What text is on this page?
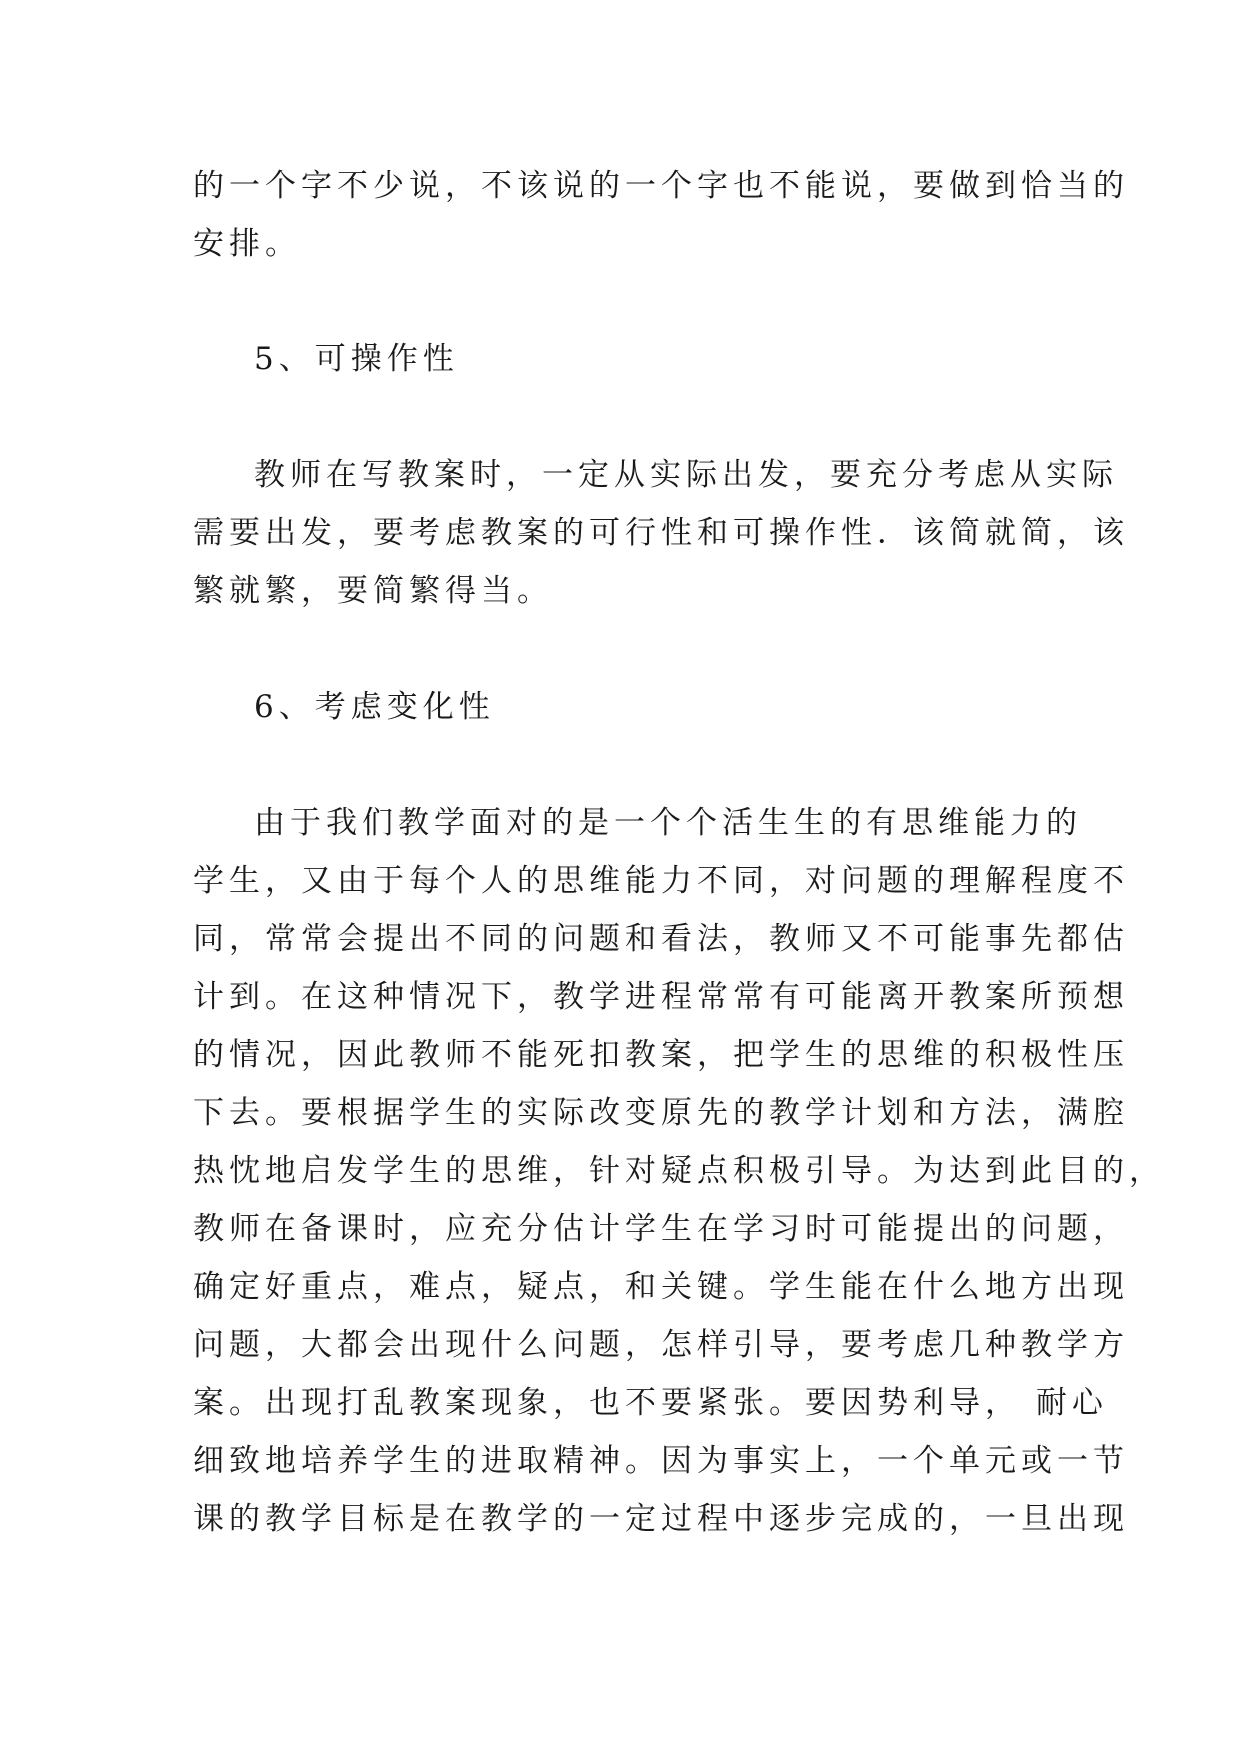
的一个字不少说，不该说的一个字也不能说，要做到恰当的
安排。
5、可操作性
教师在写教案时，一定从实际出发，要充分考虑从实际
需要出发，要考虑教案的可行性和可操作性．该简就简，该
繁就繁，要简繁得当。
6、考虑变化性
由于我们教学面对的是一个个活生生的有思维能力的
学生，又由于每个人的思维能力不同，对问题的理解程度不
同，常常会提出不同的问题和看法，教师又不可能事先都估
计到。在这种情况下，教学进程常常有可能离开教案所预想
的情况，因此教师不能死扣教案，把学生的思维的积极性压
下去。要根据学生的实际改变原先的教学计划和方法，满腔
热忱地启发学生的思维，针对疑点积极引导。为达到此目的，
教师在备课时，应充分估计学生在学习时可能提出的问题，
确定好重点，难点，疑点，和关键。学生能在什么地方出现
问题，大都会出现什么问题，怎样引导，要考虑几种教学方
案。出现打乱教案现象，也不要紧张。要因势利导， 耐心
细致地培养学生的进取精神。因为事实上，一个单元或一节
课的教学目标是在教学的一定过程中逐步完成的，一旦出现
